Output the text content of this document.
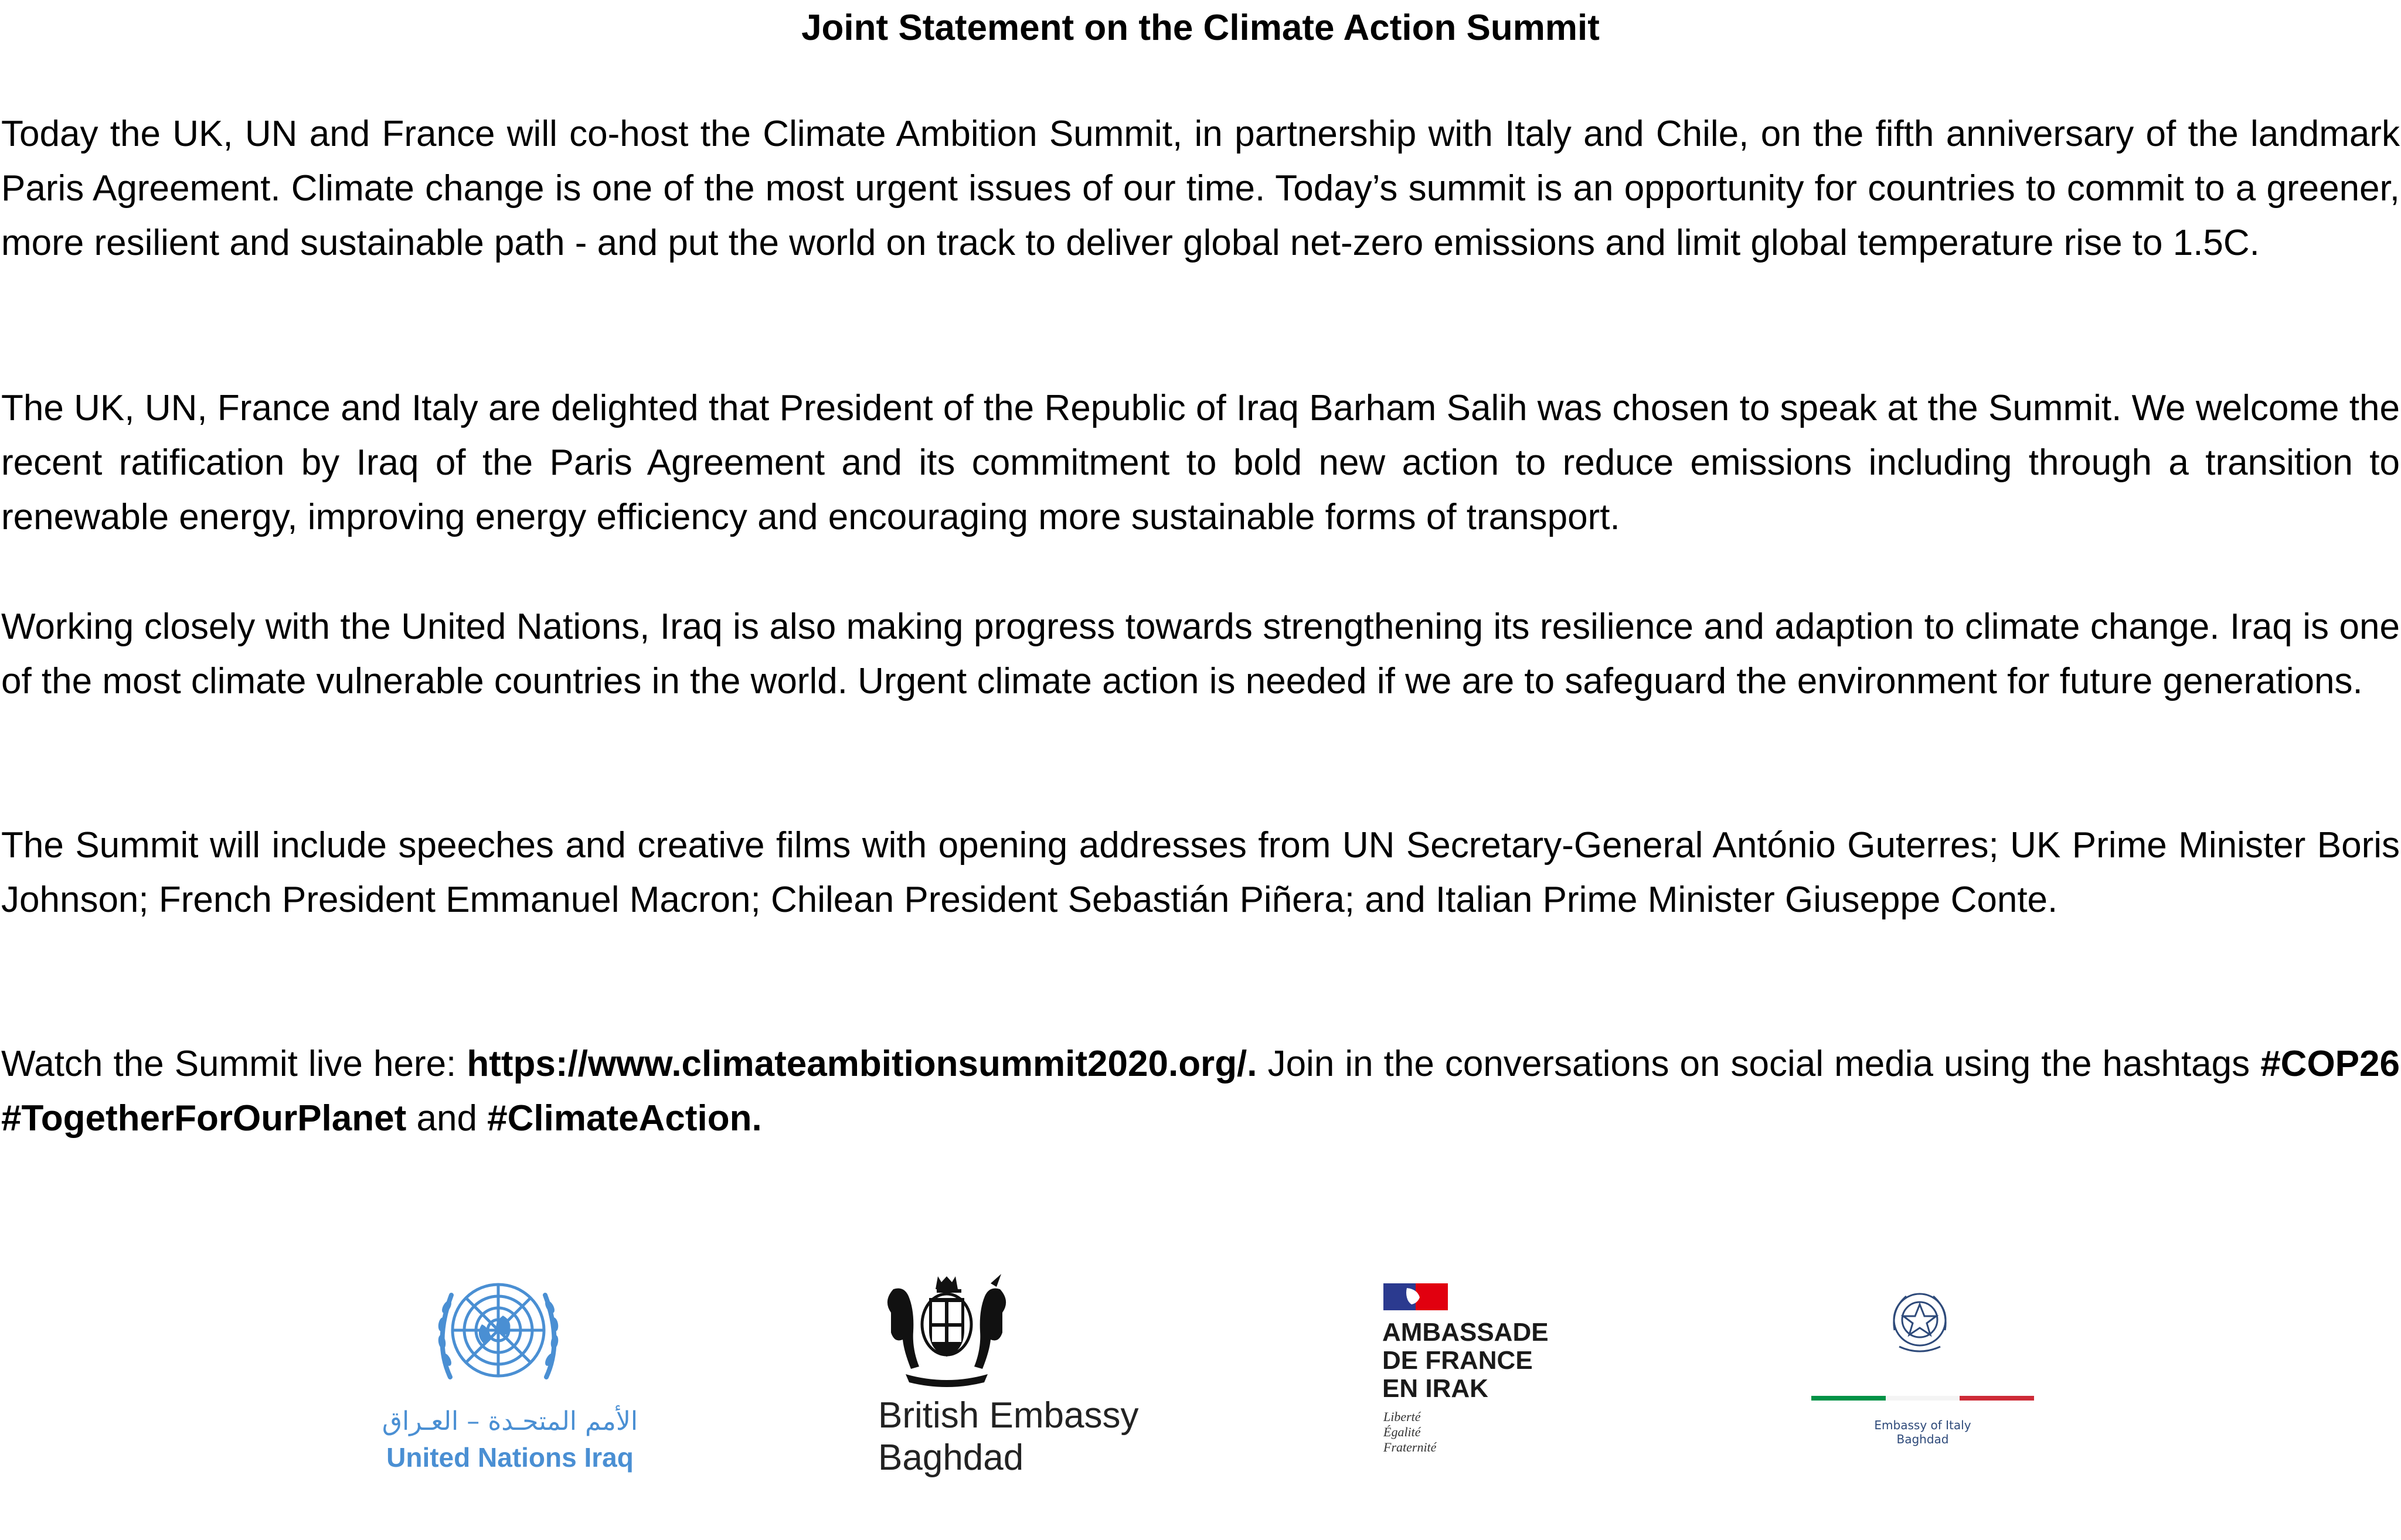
Joint Statement on the Climate Action Summit

Today the UK, UN and France will co-host the Climate Ambition Summit, in partnership with Italy and Chile, on the fifth anniversary of the landmark Paris Agreement. Climate change is one of the most urgent issues of our time. Today’s summit is an opportunity for countries to commit to a greener, more resilient and sustainable path - and put the world on track to deliver global net-zero emissions and limit global temperature rise to 1.5C.

The UK, UN, France and Italy are delighted that President of the Republic of Iraq Barham Salih was chosen to speak at the Summit. We welcome the recent ratification by Iraq of the Paris Agreement and its commitment to bold new action to reduce emissions including through a transition to renewable energy, improving energy efficiency and encouraging more sustainable forms of transport.

Working closely with the United Nations, Iraq is also making progress towards strengthening its resilience and adaption to climate change. Iraq is one of the most climate vulnerable countries in the world. Urgent climate action is needed if we are to safeguard the environment for future generations.

The Summit will include speeches and creative films with opening addresses from UN Secretary-General António Guterres; UK Prime Minister Boris Johnson; French President Emmanuel Macron; Chilean President Sebastián Piñera; and Italian Prime Minister Giuseppe Conte.

Watch the Summit live here: https://www.climateambitionsummit2020.org/. Join in the conversations on social media using the hashtags #COP26 #TogetherForOurPlanet and #ClimateAction.

الأمم المتحـدة – العـراق
United Nations Iraq
British Embassy
Baghdad
AMBASSADE
DE FRANCE
EN IRAK
Liberté
Égalité
Fraternité
Embassy of Italy
Baghdad
